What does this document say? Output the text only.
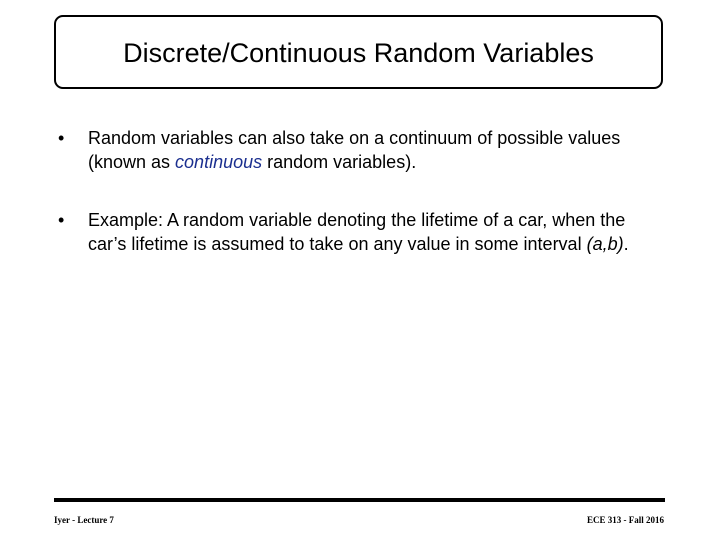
Discrete/Continuous Random Variables
• Random variables can also take on a continuum of possible values (known as continuous random variables).
• Example: A random variable denoting the lifetime of a car, when the car’s lifetime is assumed to take on any value in some interval (a,b).
Iyer - Lecture 7	ECE 313 - Fall 2016
